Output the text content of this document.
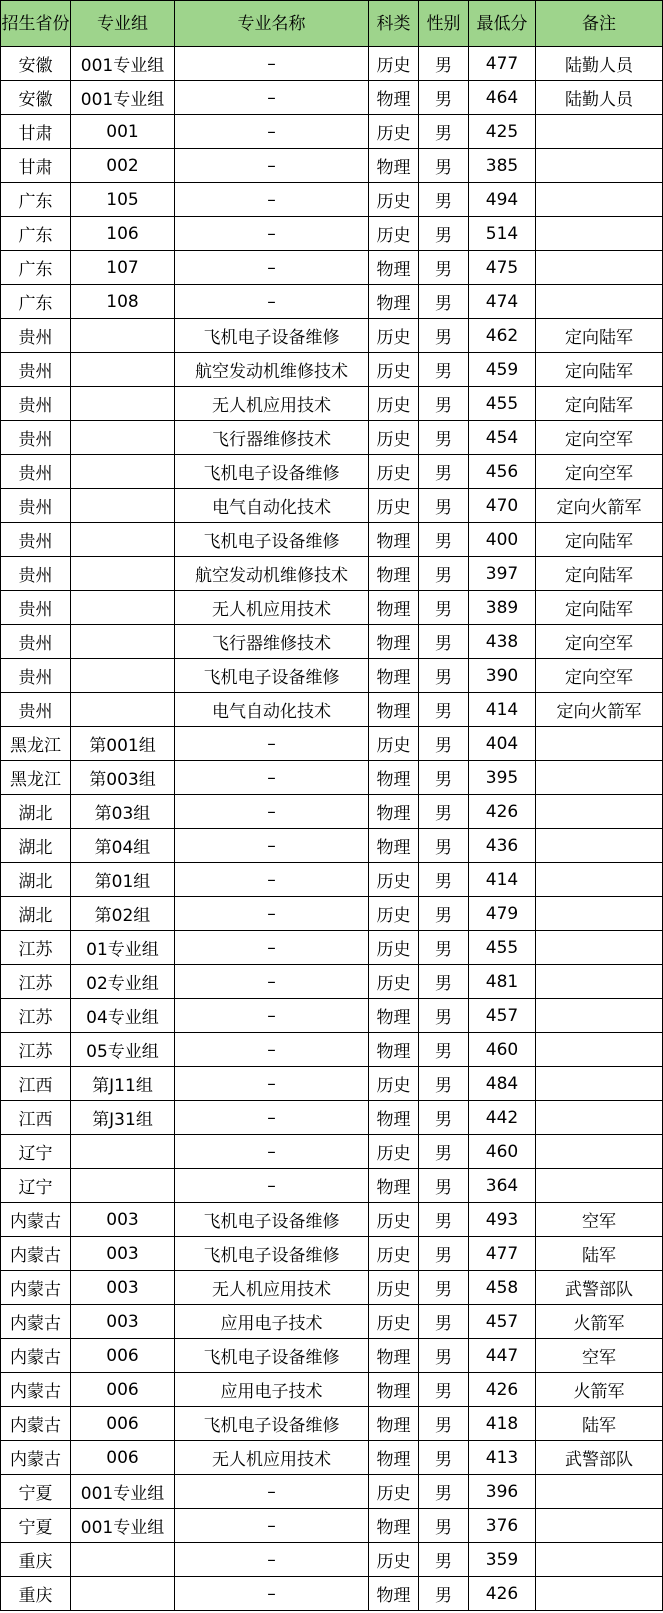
招生省份	专业组	专业名称	科类	性别	最低分	备注
安徽	001专业组	–	历史	男	477	陆勤人员
安徽	001专业组	–	物理	男	464	陆勤人员
甘肃	001	–	历史	男	425	
甘肃	002	–	物理	男	385	
广东	105	–	历史	男	494	
广东	106	–	历史	男	514	
广东	107	–	物理	男	475	
广东	108	–	物理	男	474	
贵州		飞机电子设备维修	历史	男	462	定向陆军
贵州		航空发动机维修技术	历史	男	459	定向陆军
贵州		无人机应用技术	历史	男	455	定向陆军
贵州		飞行器维修技术	历史	男	454	定向空军
贵州		飞机电子设备维修	历史	男	456	定向空军
贵州		电气自动化技术	历史	男	470	定向火箭军
贵州		飞机电子设备维修	物理	男	400	定向陆军
贵州		航空发动机维修技术	物理	男	397	定向陆军
贵州		无人机应用技术	物理	男	389	定向陆军
贵州		飞行器维修技术	物理	男	438	定向空军
贵州		飞机电子设备维修	物理	男	390	定向空军
贵州		电气自动化技术	物理	男	414	定向火箭军
黑龙江	第001组	–	历史	男	404	
黑龙江	第003组	–	物理	男	395	
湖北	第03组	–	物理	男	426	
湖北	第04组	–	物理	男	436	
湖北	第01组	–	历史	男	414	
湖北	第02组	–	历史	男	479	
江苏	01专业组	–	历史	男	455	
江苏	02专业组	–	历史	男	481	
江苏	04专业组	–	物理	男	457	
江苏	05专业组	–	物理	男	460	
江西	第J11组	–	历史	男	484	
江西	第J31组	–	物理	男	442	
辽宁		–	历史	男	460	
辽宁		–	物理	男	364	
内蒙古	003	飞机电子设备维修	历史	男	493	空军
内蒙古	003	飞机电子设备维修	历史	男	477	陆军
内蒙古	003	无人机应用技术	历史	男	458	武警部队
内蒙古	003	应用电子技术	历史	男	457	火箭军
内蒙古	006	飞机电子设备维修	物理	男	447	空军
内蒙古	006	应用电子技术	物理	男	426	火箭军
内蒙古	006	飞机电子设备维修	物理	男	418	陆军
内蒙古	006	无人机应用技术	物理	男	413	武警部队
宁夏	001专业组	–	历史	男	396	
宁夏	001专业组	–	物理	男	376	
重庆		–	历史	男	359	
重庆		–	物理	男	426	
